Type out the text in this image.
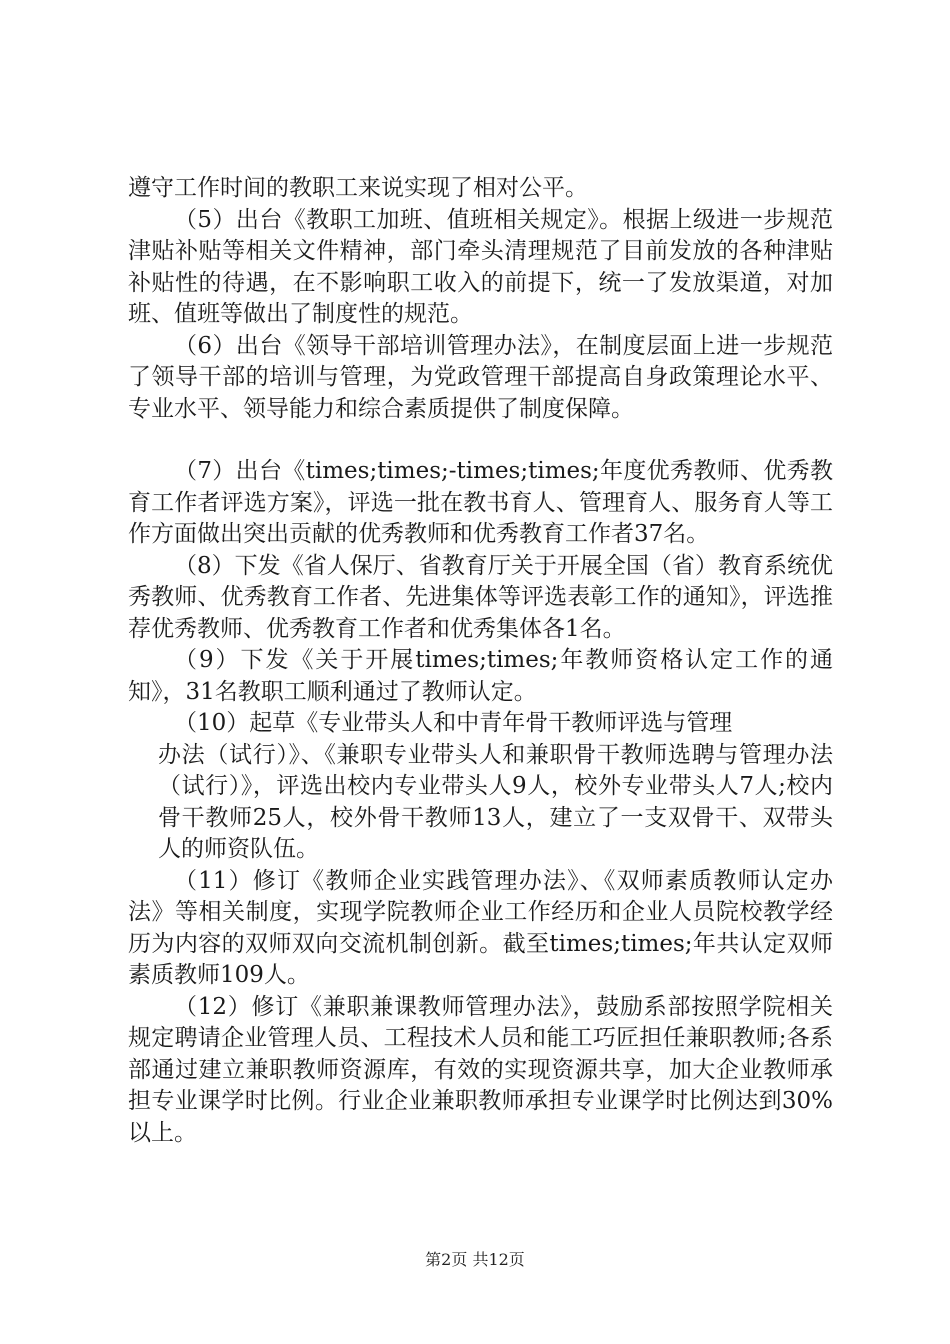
遵守工作时间的教职工来说实现了相对公平。

（5）出台《教职工加班、值班相关规定》。根据上级进一步规范津贴补贴等相关文件精神，部门牵头清理规范了目前发放的各种津贴补贴性的待遇，在不影响职工收入的前提下，统一了发放渠道，对加班、值班等做出了制度性的规范。

（6）出台《领导干部培训管理办法》，在制度层面上进一步规范了领导干部的培训与管理，为党政管理干部提高自身政策理论水平、专业水平、领导能力和综合素质提供了制度保障。

（7）出台《times;times;-times;times;年度优秀教师、优秀教育工作者评选方案》，评选一批在教书育人、管理育人、服务育人等工作方面做出突出贡献的优秀教师和优秀教育工作者37名。

（8）下发《省人保厅、省教育厅关于开展全国（省）教育系统优秀教师、优秀教育工作者、先进集体等评选表彰工作的通知》，评选推荐优秀教师、优秀教育工作者和优秀集体各1名。

（9）下发《关于开展times;times;年教师资格认定工作的通知》，31名教职工顺利通过了教师认定。

（10）起草《专业带头人和中青年骨干教师评选与管理

办法（试行）》、《兼职专业带头人和兼职骨干教师选聘与管理办法（试行）》，评选出校内专业带头人9人，校外专业带头人7人;校内骨干教师25人，校外骨干教师13人，建立了一支双骨干、双带头人的师资队伍。

（11）修订《教师企业实践管理办法》、《双师素质教师认定办法》等相关制度，实现学院教师企业工作经历和企业人员院校教学经历为内容的双师双向交流机制创新。截至times;times;年共认定双师素质教师109人。

（12）修订《兼职兼课教师管理办法》，鼓励系部按照学院相关规定聘请企业管理人员、工程技术人员和能工巧匠担任兼职教师;各系部通过建立兼职教师资源库，有效的实现资源共享，加大企业教师承担专业课学时比例。行业企业兼职教师承担专业课学时比例达到30%以上。

第2页 共12页
